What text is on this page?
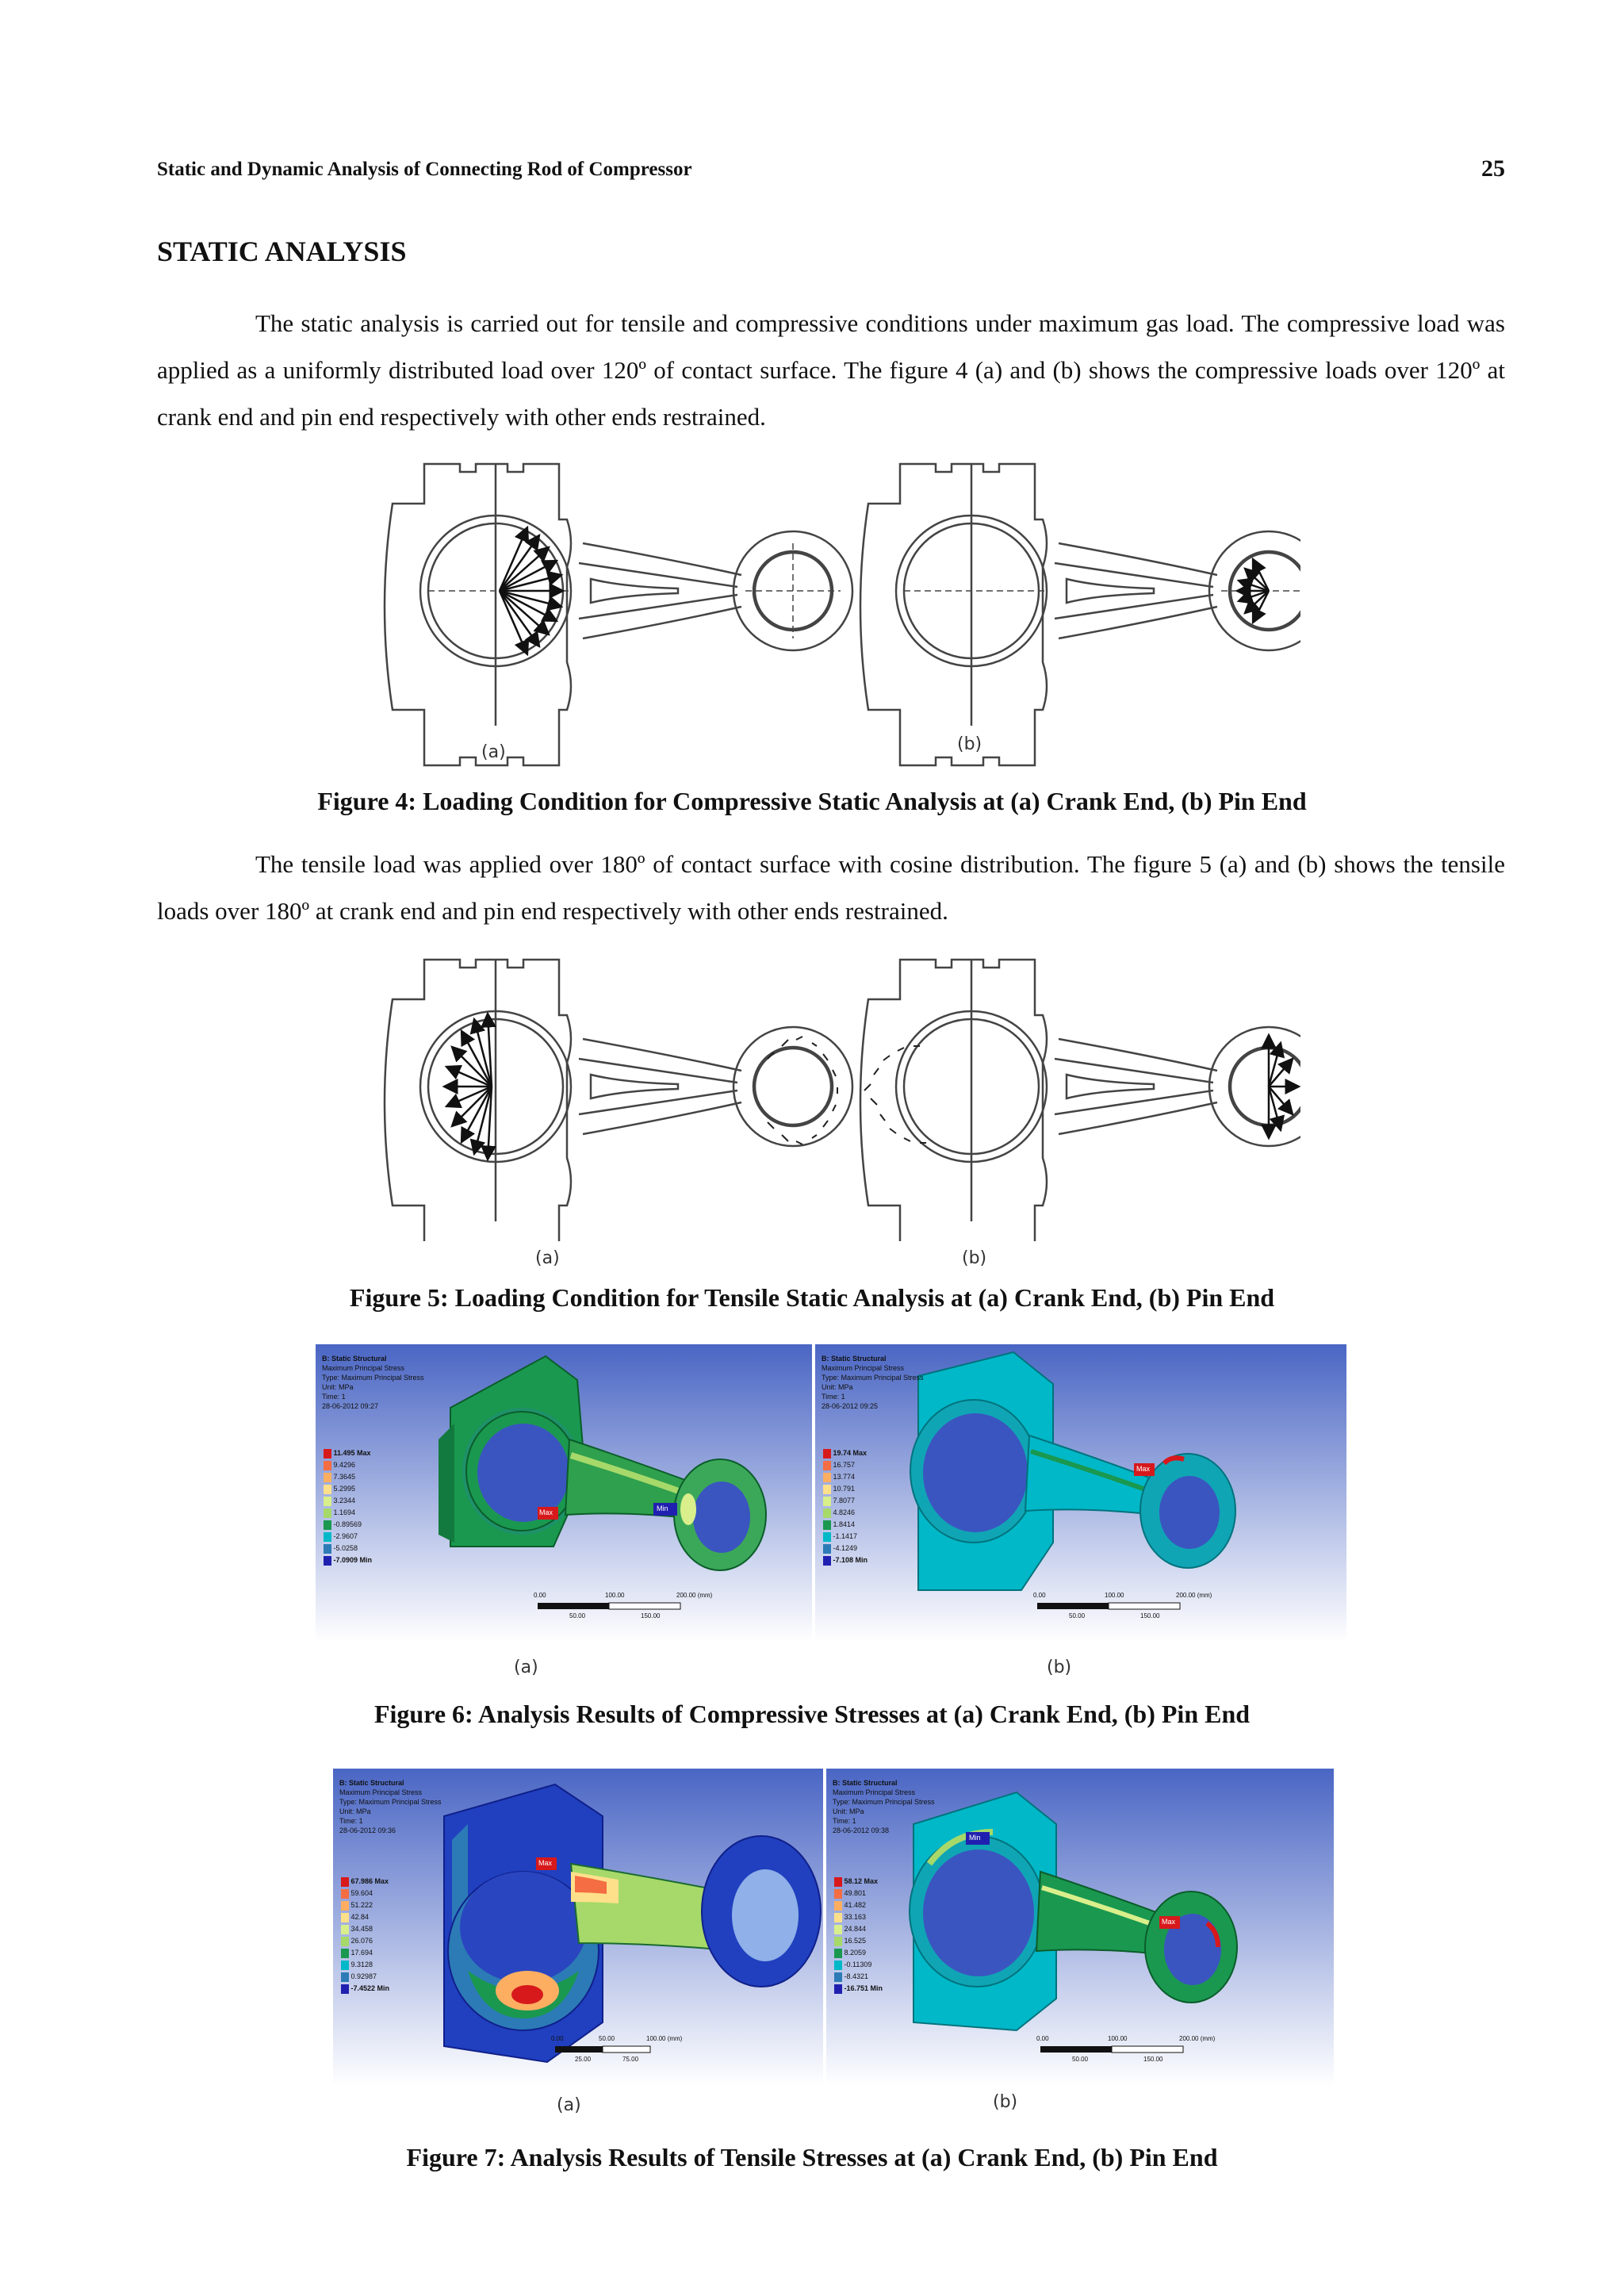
Static and Dynamic Analysis of Connecting Rod of Compressor	25
STATIC ANALYSIS
The static analysis is carried out for tensile and compressive conditions under maximum gas load. The compressive load was applied as a uniformly distributed load over 120º of contact surface. The figure 4 (a) and (b) shows the compressive loads over 120º at crank end and pin end respectively with other ends restrained.
(a)	(b)
Figure 4: Loading Condition for Compressive Static Analysis at (a) Crank End, (b) Pin End
The tensile load was applied over 180º of contact surface with cosine distribution. The figure 5 (a) and (b) shows the tensile loads over 180º at crank end and pin end respectively with other ends restrained.
(a)	(b)
Figure 5: Loading Condition for Tensile Static Analysis at (a) Crank End, (b) Pin End
B: Static Structural
Maximum Principal Stress
Type: Maximum Principal Stress
Unit: MPa
Time: 1
28-06-2012 09:27
11.495 Max
9.4296
7.3645
5.2995
3.2344
1.1694
-0.89569
-2.9607
-5.0258
-7.0909 Min
Max	Min
0.00	100.00	200.00 (mm)
50.00	150.00
B: Static Structural
Maximum Principal Stress
Type: Maximum Principal Stress
Unit: MPa
Time: 1
28-06-2012 09:25
19.74 Max
16.757
13.774
10.791
7.8077
4.8246
1.8414
-1.1417
-4.1249
-7.108 Min
Max
0.00	100.00	200.00 (mm)
50.00	150.00
(a)	(b)
Figure 6: Analysis Results of Compressive Stresses at (a) Crank End, (b) Pin End
B: Static Structural
Maximum Principal Stress
Type: Maximum Principal Stress
Unit: MPa
Time: 1
28-06-2012 09:36
67.986 Max
59.604
51.222
42.84
34.458
26.076
17.694
9.3128
0.92987
-7.4522 Min
Max
0.00	50.00	100.00 (mm)
25.00	75.00
B: Static Structural
Maximum Principal Stress
Type: Maximum Principal Stress
Unit: MPa
Time: 1
28-06-2012 09:38
58.12 Max
49.801
41.482
33.163
24.844
16.525
8.2059
-0.11309
-8.4321
-16.751 Min
Min
Max
0.00	100.00	200.00 (mm)
50.00	150.00
(a)	(b)
Figure 7: Analysis Results of Tensile Stresses at (a) Crank End, (b) Pin End
